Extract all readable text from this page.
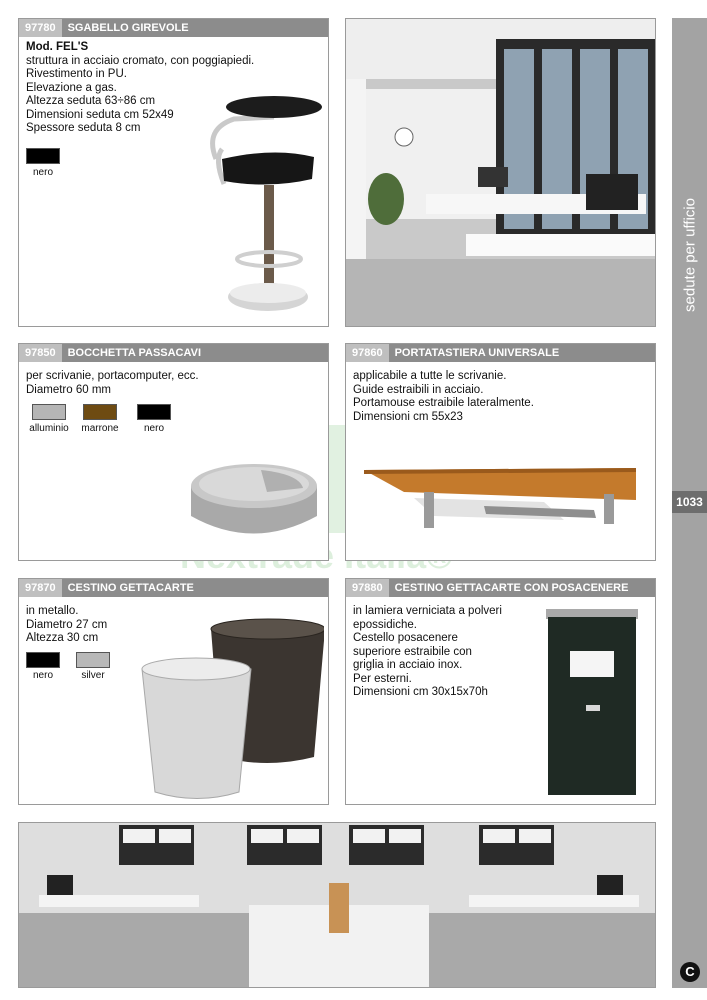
sedute per ufficio
1033
C
97780 SGABELLO GIREVOLE
Mod. FEL'S
struttura in acciaio cromato, con poggiapiedi.
Rivestimento in PU.
Elevazione a gas.
Altezza seduta 63÷86 cm
Dimensioni seduta cm 52x49
Spessore seduta 8 cm
nero
97850 BOCCHETTA PASSACAVI
per scrivanie, portacomputer, ecc.
Diametro 60 mm
alluminio	marrone	nero
97860 PORTATASTIERA UNIVERSALE
applicabile a tutte le scrivanie.
Guide estraibili in acciaio.
Portamouse estraibile lateralmente.
Dimensioni cm 55x23
97870 CESTINO GETTACARTE
in metallo.
Diametro 27 cm
Altezza 30 cm
nero	silver
97880 CESTINO GETTACARTE CON POSACENERE
in lamiera verniciata a polveri
epossidiche.
Cestello posacenere
superiore estraibile con
griglia in acciaio inox.
Per esterni.
Dimensioni cm 30x15x70h
